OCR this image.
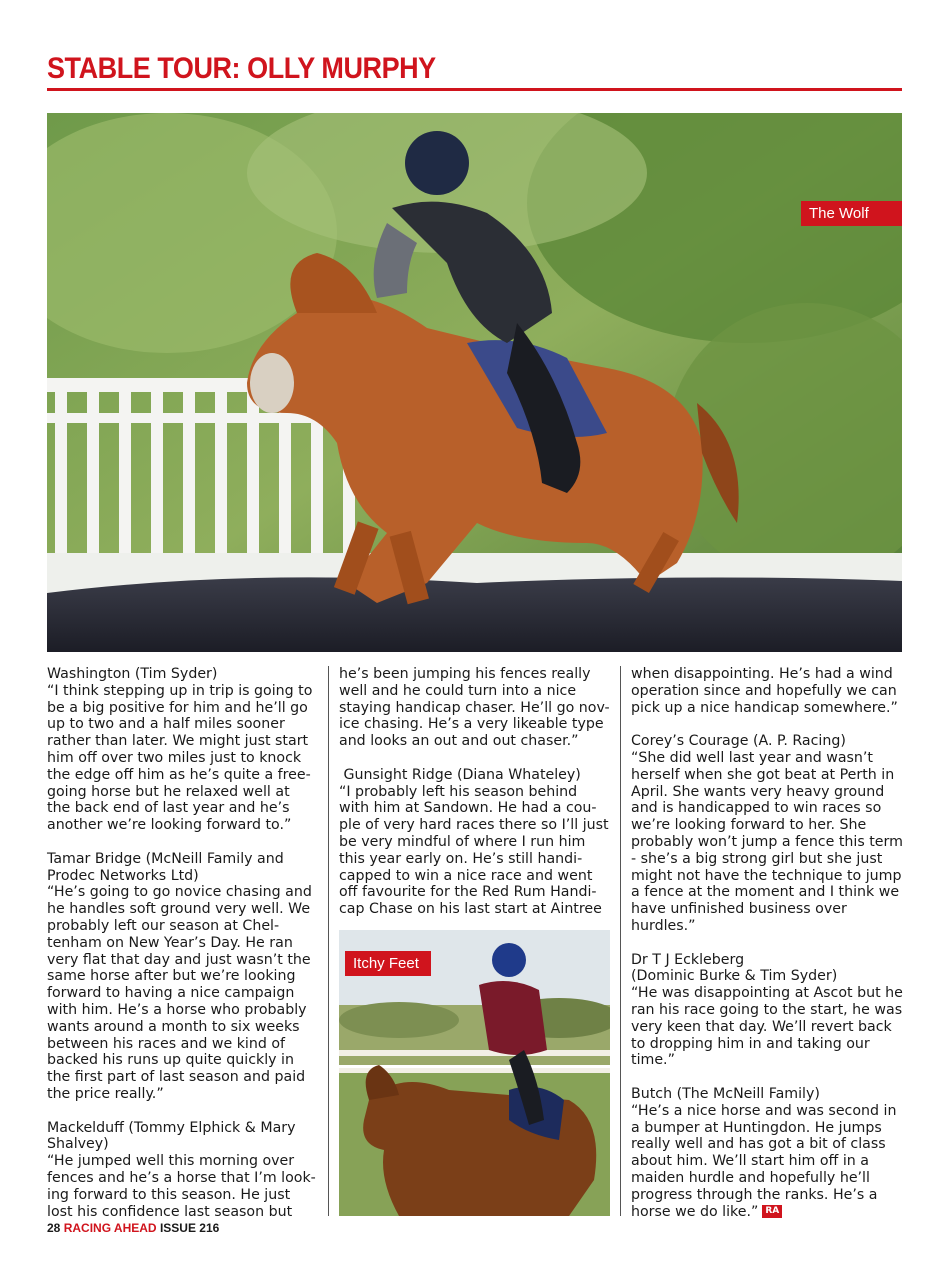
STABLE TOUR: OLLY MURPHY
The Wolf

Washington (Tim Syder)

“I think stepping up in trip is going to be a big positive for him and he’ll go up to two and a half miles sooner rather than later. We might just start him off over two miles just to knock the edge off him as he’s quite a free-going horse but he relaxed well at the back end of last year and he’s another we’re looking forward to.”

Tamar Bridge (McNeill Family and Prodec Networks Ltd)

“He’s going to go novice chasing and he handles soft ground very well. We probably left our season at Chel-tenham on New Year’s Day. He ran very flat that day and just wasn’t the same horse after but we’re looking forward to having a nice campaign with him. He’s a horse who probably wants around a month to six weeks between his races and we kind of backed his runs up quite quickly in the first part of last season and paid the price really.”

Mackelduff (Tommy Elphick & Mary Shalvey)

“He jumped well this morning over fences and he’s a horse that I’m look-ing forward to this season. He just lost his confidence last season but

he’s been jumping his fences really well and he could turn into a nice staying handicap chaser. He’ll go nov-ice chasing. He’s a very likeable type and looks an out and out chaser.”

Gunsight Ridge (Diana Whateley)

“I probably left his season behind with him at Sandown. He had a cou-ple of very hard races there so I’ll just be very mindful of where I run him this year early on. He’s still handi-capped to win a nice race and went off favourite for the Red Rum Handi-cap Chase on his last start at Aintree

Itchy Feet

when disappointing. He’s had a wind operation since and hopefully we can pick up a nice handicap somewhere.”

Corey’s Courage (A. P. Racing)

“She did well last year and wasn’t herself when she got beat at Perth in April. She wants very heavy ground and is handicapped to win races so we’re looking forward to her. She probably won’t jump a fence this term - she’s a big strong girl but she just might not have the technique to jump a fence at the moment and I think we have unfinished business over hurdles.”

Dr T J Eckleberg

(Dominic Burke & Tim Syder)

“He was disappointing at Ascot but he ran his race going to the start, he was very keen that day. We’ll revert back to dropping him in and taking our time.”

Butch (The McNeill Family)

“He’s a nice horse and was second in a bumper at Huntingdon. He jumps really well and has got a bit of class about him. We’ll start him off in a maiden hurdle and hopefully he’ll progress through the ranks. He’s a horse we do like.” RA

28 RACING AHEAD ISSUE 216
